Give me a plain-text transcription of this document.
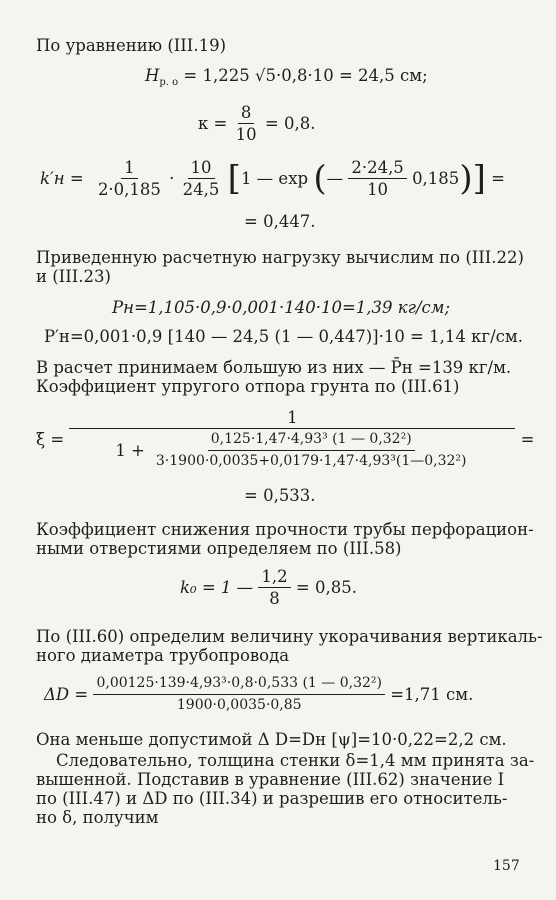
По уравнению (III.19)
$H_{р. о} = 1,225$ √5·0,8·10 = 24,5 см;
$\kappa = \frac{8}{10} = 0,8$.
$k'н = \frac{1}{2\cdot 0,185} \cdot \frac{10}{24,5} [1$ — exp (— $\frac{2\cdot 24,5}{10} 0,185$)] =
= 0,447.
Приведенную расчетную нагрузку вычислим по (III.22)
и (III.23)
Pн=1,105·0,9·0,001·140·10=1,39 кг/см;
P′н=0,001·0,9 [140 — 24,5 (1 — 0,447)]·10 = 1,14 кг/см.
В расчет принимаем большую из них — P̄н =139 кг/м.
Коэффициент упругого отпора грунта по (III.61)
ξ =
1
$1 + \frac{\text{0,125·1,47·4,93³ (1 — 0,32²)}}{\text{3·1900·0,0035+0,0179·1,47·4,93³(1—0,32²)}}$	=
= 0,533.
Коэффициент снижения прочности трубы перфорацион-
ными отверстиями определяем по (III.58)
k₀ = 1 — $\frac{1,2}{8} = 0,85$.
По (III.60) определим величину укорачивания вертикаль-
ного диаметра трубопровода
$\Delta D = \frac{\text{0,00125·139·4,93³·0,8·0,533 (1 — 0,32²)}}{1900\cdot 0,0035\cdot 0,85} =1,71$ см.
Она меньше допустимой Δ D=Dн [ψ]=10·0,22=2,2 см.
Следовательно, толщина стенки δ=1,4 мм принята за-
вышенной. Подставив в уравнение (III.62) значение I
по (III.47) и ΔD по (III.34) и разрешив его относитель-
но δ, получим
157
